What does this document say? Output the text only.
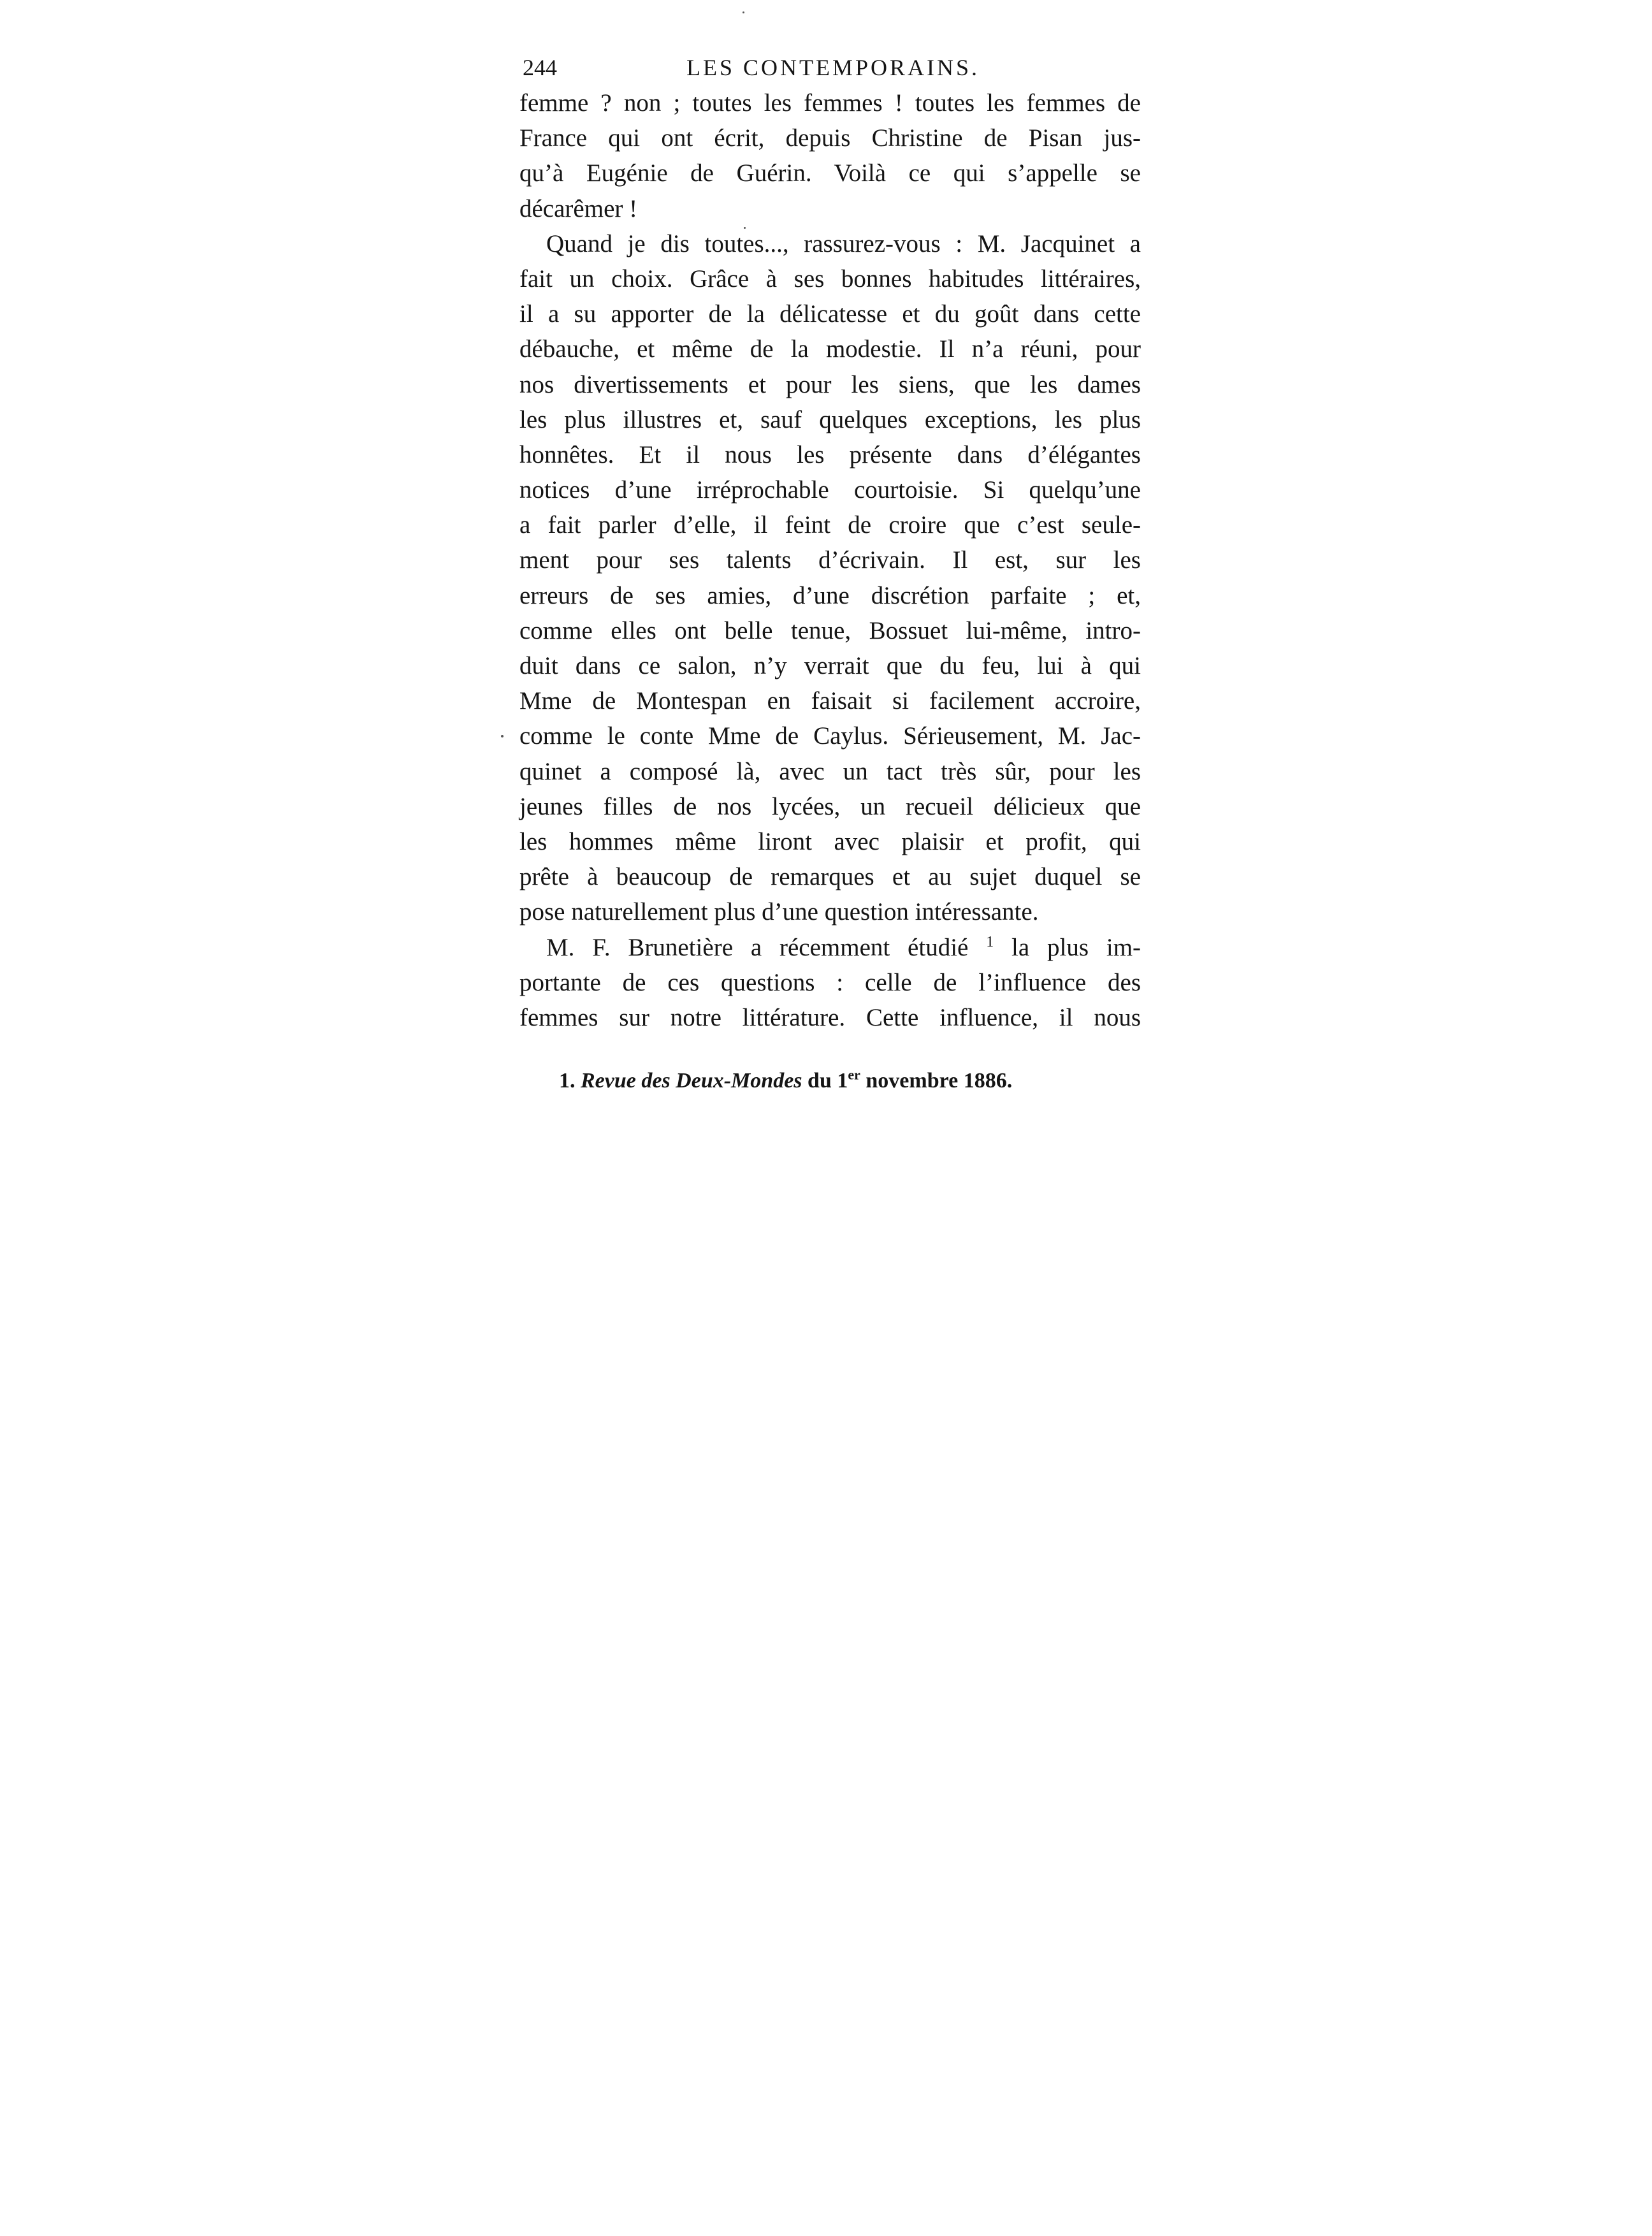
244	LES CONTEMPORAINS.
femme ? non ; toutes les femmes ! toutes les femmes de
France qui ont écrit, depuis Christine de Pisan jus-
qu’à Eugénie de Guérin. Voilà ce qui s’appelle se
décarêmer !
Quand je dis toutes..., rassurez-vous : M. Jacquinet a
fait un choix. Grâce à ses bonnes habitudes littéraires,
il a su apporter de la délicatesse et du goût dans cette
débauche, et même de la modestie. Il n’a réuni, pour
nos divertissements et pour les siens, que les dames
les plus illustres et, sauf quelques exceptions, les plus
honnêtes. Et il nous les présente dans d’élégantes
notices d’une irréprochable courtoisie. Si quelqu’une
a fait parler d’elle, il feint de croire que c’est seule-
ment pour ses talents d’écrivain. Il est, sur les
erreurs de ses amies, d’une discrétion parfaite ; et,
comme elles ont belle tenue, Bossuet lui-même, intro-
duit dans ce salon, n’y verrait que du feu, lui à qui
Mme de Montespan en faisait si facilement accroire,
comme le conte Mme de Caylus. Sérieusement, M. Jac-
quinet a composé là, avec un tact très sûr, pour les
jeunes filles de nos lycées, un recueil délicieux que
les hommes même liront avec plaisir et profit, qui
prête à beaucoup de remarques et au sujet duquel se
pose naturellement plus d’une question intéressante.
M. F. Brunetière a récemment étudié $^1$ la plus im-
portante de ces questions : celle de l’influence des
femmes sur notre littérature. Cette influence, il nous
1. Revue des Deux-Mondes du 1er novembre 1886.
